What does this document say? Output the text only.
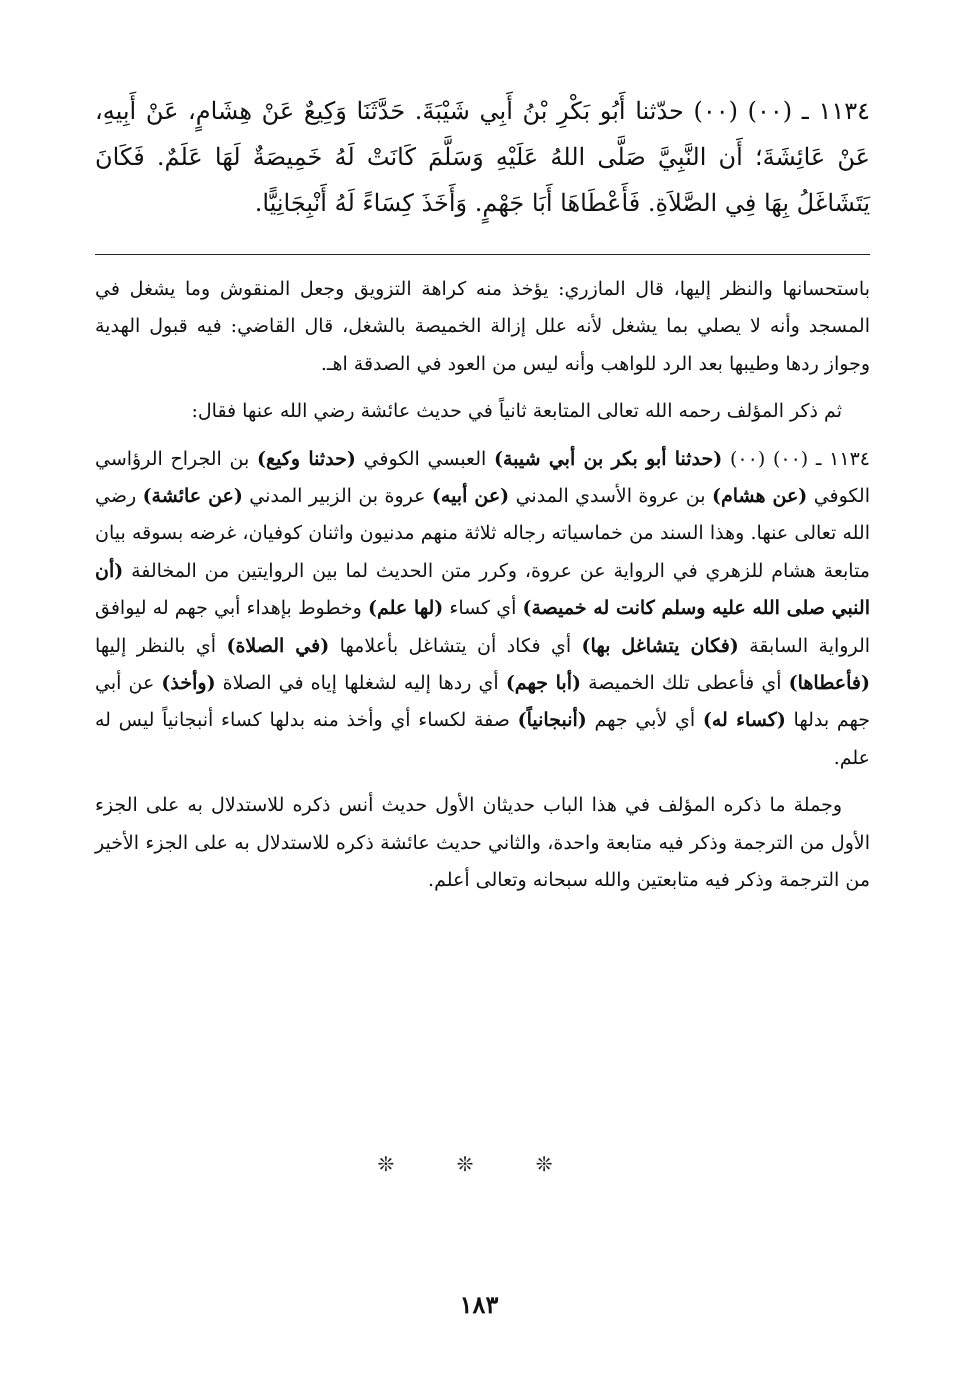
١١٣٤ ـ (٠٠) (٠٠) حدّثنا أَبُو بَكْرِ بْنُ أَبِي شَيْبَةَ. حَدَّثَنَا وَكِيعٌ عَنْ هِشَامٍ، عَنْ أَبِيهِ، عَنْ عَائِشَةَ؛ أَن النَّبِيَّ صَلَّى اللهُ عَلَيْهِ وَسَلَّمَ كَانَتْ لَهُ خَمِيصَةٌ لَهَا عَلَمٌ. فَكَانَ يَتَشَاغَلُ بِهَا فِي الصَّلاَةِ. فَأَعْطَاهَا أَبَا جَهْمٍ. وَأَخَذَ كِسَاءً لَهُ أَنْبِجَانِيًّا.

باستحسانها والنظر إليها، قال المازري: يؤخذ منه كراهة التزويق وجعل المنقوش وما يشغل في المسجد وأنه لا يصلي بما يشغل لأنه علل إزالة الخميصة بالشغل، قال القاضي: فيه قبول الهدية وجواز ردها وطيبها بعد الرد للواهب وأنه ليس من العود في الصدقة اهـ.

ثم ذكر المؤلف رحمه الله تعالى المتابعة ثانياً في حديث عائشة رضي الله عنها فقال:

١١٣٤ ـ (٠٠) (٠٠) (حدثنا أبو بكر بن أبي شيبة) العبسي الكوفي (حدثنا وكيع) بن الجراح الرؤاسي الكوفي (عن هشام) بن عروة الأسدي المدني (عن أبيه) عروة بن الزبير المدني (عن عائشة) رضي الله تعالى عنها. وهذا السند من خماسياته رجاله ثلاثة منهم مدنيون واثنان كوفيان، غرضه بسوقه بيان متابعة هشام للزهري في الرواية عن عروة، وكرر متن الحديث لما بين الروايتين من المخالفة (أن النبي صلى الله عليه وسلم كانت له خميصة) أي كساء (لها علم) وخطوط بإهداء أبي جهم له ليوافق الرواية السابقة (فكان يتشاغل بها) أي فكاد أن يتشاغل بأعلامها (في الصلاة) أي بالنظر إليها (فأعطاها) أي فأعطى تلك الخميصة (أبا جهم) أي ردها إليه لشغلها إياه في الصلاة (وأخذ) عن أبي جهم بدلها (كساء له) أي لأبي جهم (أنبجانياً) صفة لكساء أي وأخذ منه بدلها كساء أنبجانياً ليس له علم.

وجملة ما ذكره المؤلف في هذا الباب حديثان الأول حديث أنس ذكره للاستدلال به على الجزء الأول من الترجمة وذكر فيه متابعة واحدة، والثاني حديث عائشة ذكره للاستدلال به على الجزء الأخير من الترجمة وذكر فيه متابعتين والله سبحانه وتعالى أعلم.

❊ ❊ ❊
١٨٣
